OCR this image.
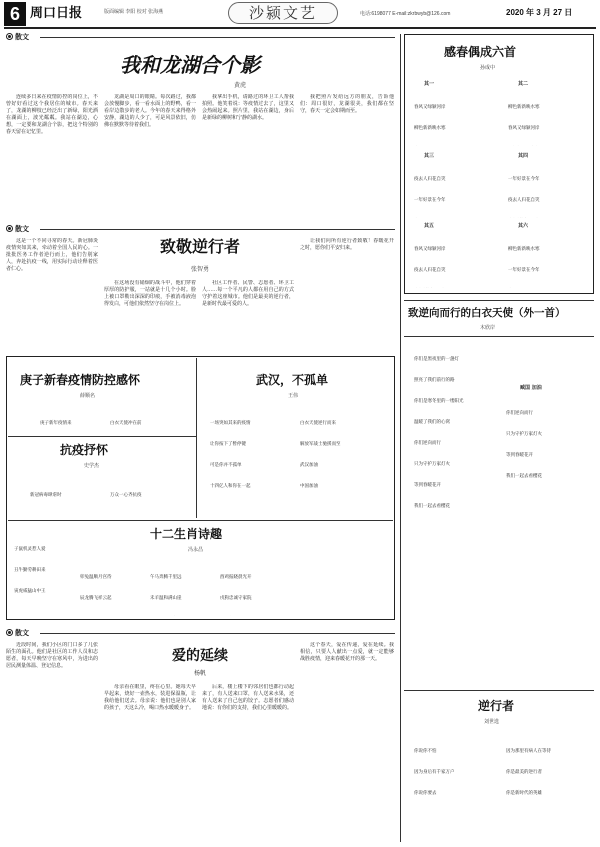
6 周口日报	版面编辑 李阳 校对 张海燕	沙颍文艺	电话:6198077 E-mail:zkrbwyb@126.com	2020 年 3 月 27 日
散文
我和龙湖合个影
黄虎
连续多日来在疫情防控的岗位上，不曾好好看过这个我居住的城市。春天来了，龙湖的柳枝已经泛出了新绿，阳光洒在湖面上，波光粼粼。我站在湖边，心想，一定要和龙湖合个影，把这个特别的春天留在记忆里。
龙湖是周口的眼睛。每次路过，我都会放慢脚步，看一看水面上的野鸭，看一看岸边散步的老人。今年的春天来得格外安静，湖边的人少了，可是风景依旧，仿佛在默默等待着我们。
我拿出手机，请路过的环卫工人帮我拍照。他笑着说：等疫情过去了，这里又会热闹起来。照片里，我站在湖边，身后是新绿的柳树和宁静的湖水。
我把照片发给远方的朋友，告诉他们：周口很好，龙湖很美，我们都在坚守，春天一定会如期而至。
散文
这是一个不同寻常的春天。新冠肺炎疫情突如其来，牵动着全国人民的心。一批批医务工作者逆行而上，他们告别家人，奔赴抗疫一线，用实际行动诠释着医者仁心。
致敬逆行者
张智勇
在这场没有硝烟的战斗中，他们穿着厚厚的防护服，一站就是十几个小时。脸上被口罩勒出深深的印痕，手被消毒液泡得发白，可他们依然坚守在岗位上。
社区工作者、民警、志愿者、环卫工人……每一个平凡的人都在用自己的方式守护着这座城市。他们是最美的逆行者，是新时代最可爱的人。
让我们向所有逆行者致敬！春暖花开之时，愿你们平安归来。
庚子新春疫情防控感怀
薛顺名

庚子新年疫情来

	白衣天使冲在前

武汉，不孤单
王伟

一场突如其来的疫情

让你按下了暂停键

可是你并不孤单

十四亿人和你在一起

白衣天使逆行而来

解放军战士驰援而至

武汉加油

中国加油

抗疫抒怀
史学杰

新冠病毒肆虐时

	万众一心齐抗疫

十二生肖诗趣
冯永昌

子鼠机灵惹人爱

丑牛勤劳耕田来

寅虎威猛山中王

卯兔温顺月宫待

辰龙腾飞祥云起

午马奔腾千里远

未羊温和满山崖

酉鸡报晓晨光开

戌狗忠诚守家院

散文
近段时间，我们小区的门口多了几张陌生的面孔。他们是社区的工作人员和志愿者，每天早晚坚守在寒风中，为进出的居民测量体温、登记信息。
爱的延续
杨帆
母亲看在眼里，疼在心里。她每天早早起来，烧好一壶热水，装进保温瓶，让我给他们送去。母亲说：他们也是别人家的孩子，天这么冷，喝口热水暖暖身子。
后来，楼上楼下的邻居们也都行动起来了，有人送来口罩，有人送来水果，还有人送来了自己包的饺子。志愿者们感动地说：有你们的支持，我们心里暖暖的。
这个春天，爱在传递，爱在延续。我相信，只要人人献出一点爱，就一定能够战胜疫情，迎来春暖花开的那一天。
感春偶成六首
孙成中
其一

春风又绿颍河岸

柳色新新映水寒

其二

柳色新新映水寒

春风又绿颍河岸

其三

疫去人归花自笑

一年好景在今年

其四

一年好景在今年

疫去人归花自笑

其五

春风又绿颍河岸

疫去人归花自笑

其六

柳色新新映水寒

一年好景在今年

致逆向而行的白衣天使（外一首）
木欣岸

你们是黑夜里的一盏灯

照亮了我们前行的路

你们是寒冬里的一缕阳光

温暖了我们的心窝

你们逆向而行

只为守护万家灯火

等到春暖花开

我们一起去看樱花

臧国 加油

你们逆向而行

只为守护万家灯火

等到春暖花开

我们一起去看樱花

逆行者
刘世选

你说你不怕

因为身后有千家万户

你说你要去

因为那里有病人在等待

你是最美的逆行者

你是新时代的英雄
